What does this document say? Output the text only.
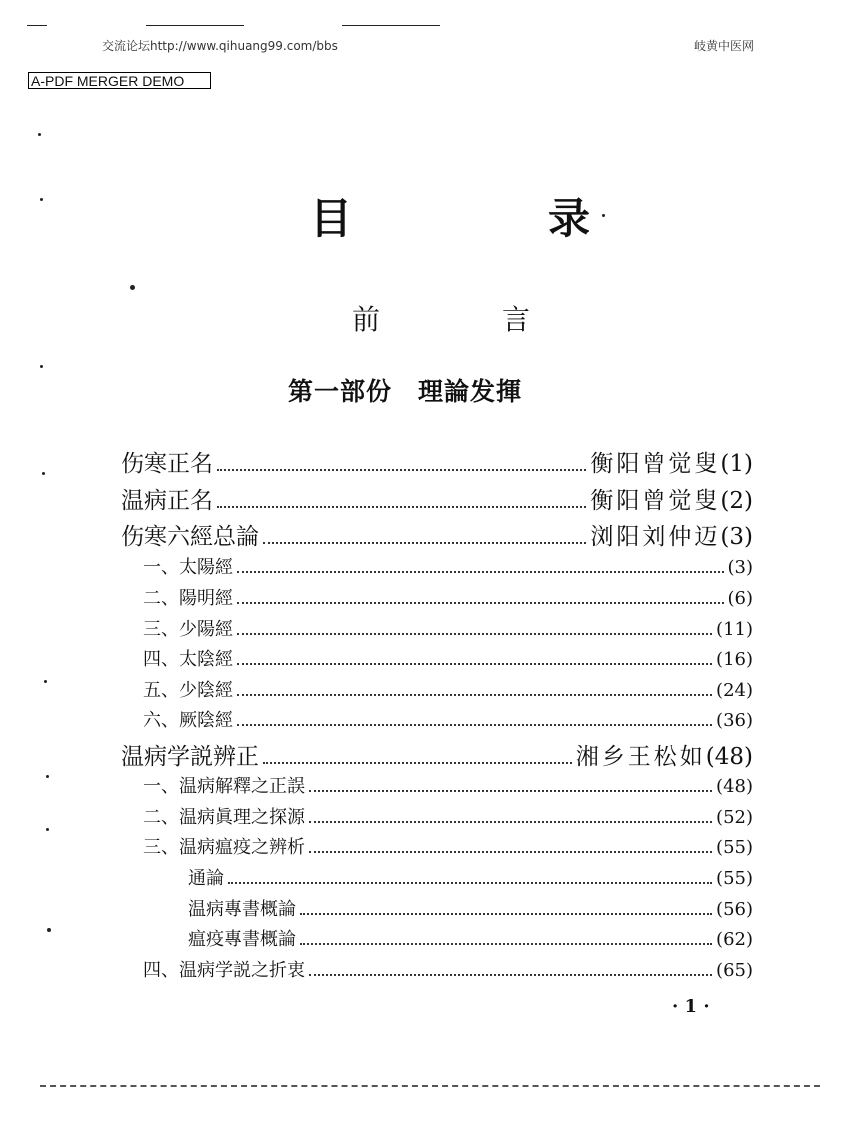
交流论坛http://www.qihuang99.com/bbs	岐黄中医网
A-PDF MERGER DEMO
目	录
前	言
第一部份　理論发揮
伤寒正名	衡阳曾觉叟 (1)
温病正名	衡阳曾觉叟 (2)
伤寒六經总論	浏阳刘仲迈 (3)
一、太陽經	(3)
二、陽明經	(6)
三、少陽經	(11)
四、太陰經	(16)
五、少陰經	(24)
六、厥陰經	(36)
温病学説辨正	湘乡王松如 (48)
一、温病解釋之正誤	(48)
二、温病眞理之探源	(52)
三、温病瘟疫之辨析	(55)
通論	(55)
温病專書概論	(56)
瘟疫專書概論	(62)
四、温病学説之折衷	(65)
· 1 ·
